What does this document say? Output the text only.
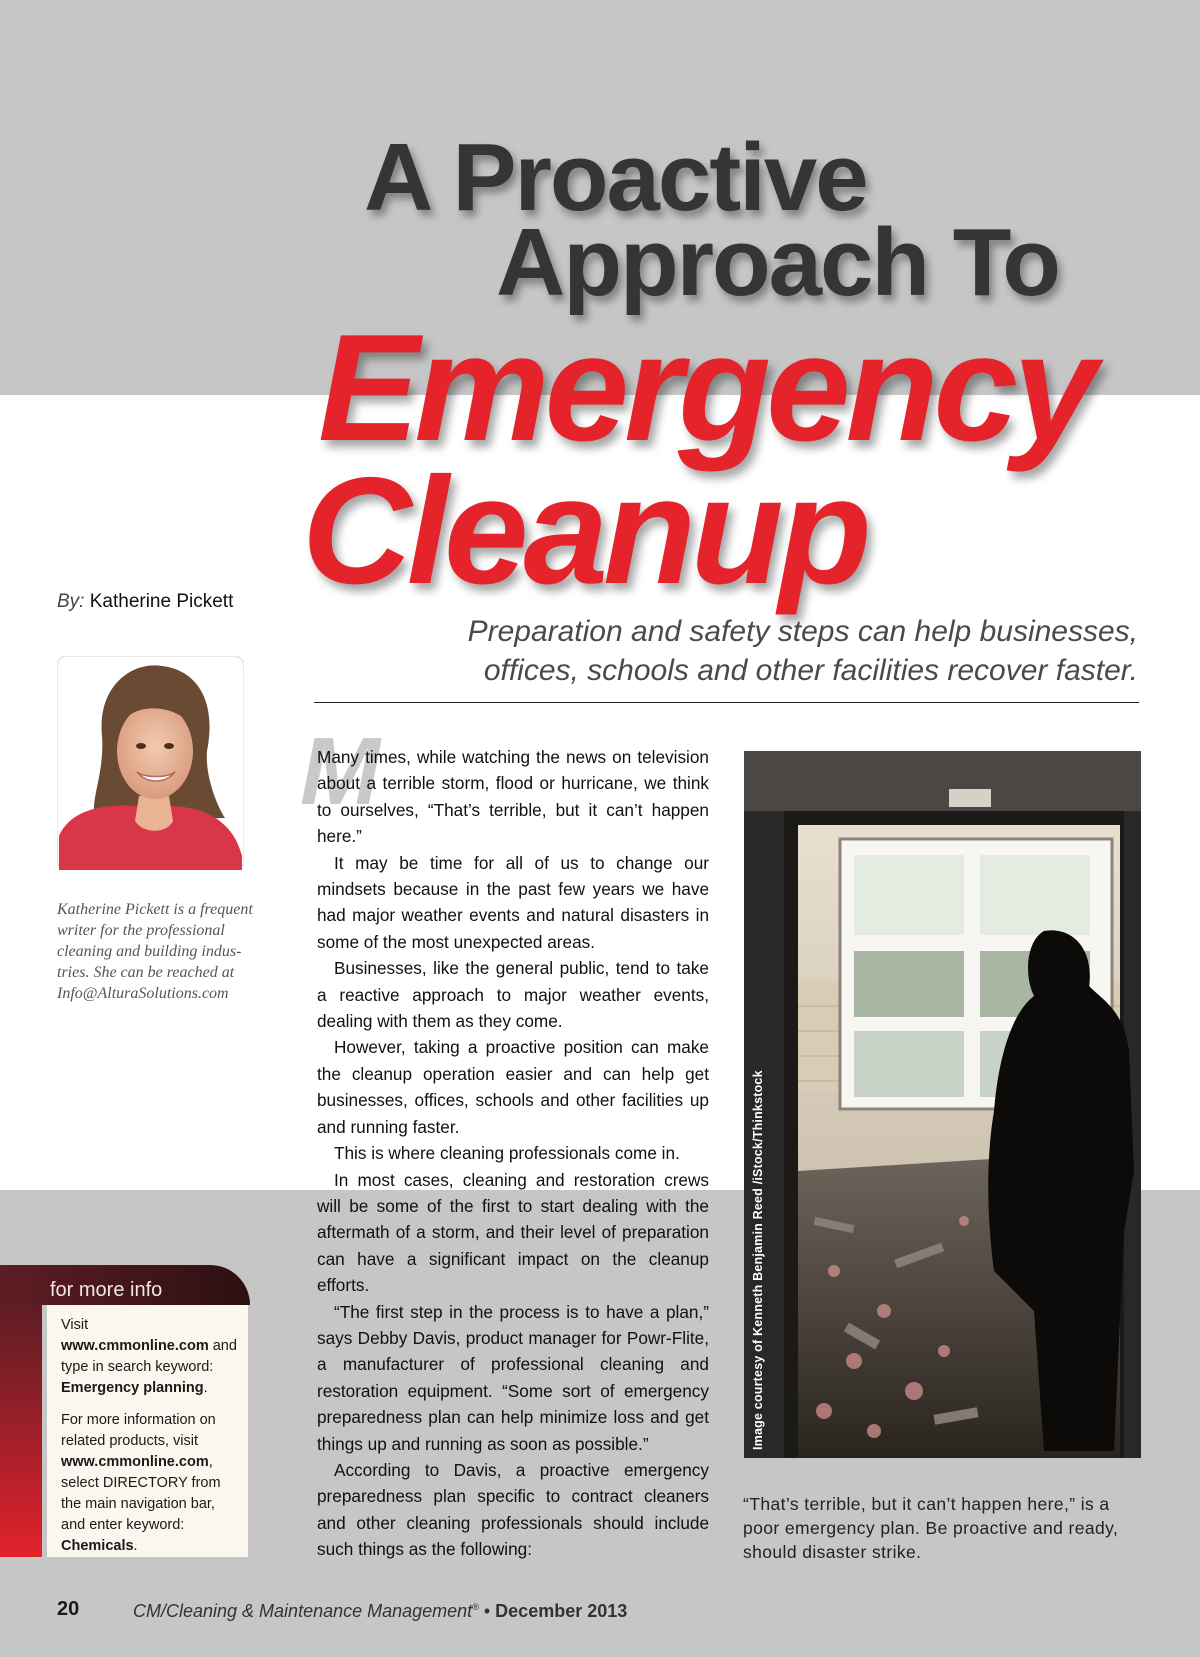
A Proactive
Approach To
Emergency
Cleanup
By: Katherine Pickett
Preparation and safety steps can help businesses,
offices, schools and other facilities recover faster.
Katherine Pickett is a frequent
writer for the professional
cleaning and building indus-
tries. She can be reached at
Info@AlturaSolutions.com
M

Many times, while watching the news on television about a terrible storm, flood or hurricane, we think to ourselves, “That’s terrible, but it can’t happen here.”

It may be time for all of us to change our mindsets because in the past few years we have had major weather events and natural disasters in some of the most unexpected areas.

Businesses, like the general public, tend to take a reactive approach to major weather events, dealing with them as they come.

However, taking a proactive position can make the cleanup operation easier and can help get businesses, offices, schools and other facilities up and running faster.

This is where cleaning professionals come in.

In most cases, cleaning and restoration crews will be some of the first to start dealing with the aftermath of a storm, and their level of preparation can have a significant impact on the cleanup efforts.

“The first step in the process is to have a plan,” says Debby Davis, product manager for Powr-Flite, a manufacturer of professional cleaning and restoration equipment. “Some sort of emergency preparedness plan can help minimize loss and get things up and running as soon as possible.”

According to Davis, a proactive emergency preparedness plan specific to contract cleaners and other cleaning professionals should include such things as the following:

“That’s terrible, but it can’t happen here,” is a poor emergency plan. Be proactive and ready, should disaster strike.
for more info

Visit www.cmmonline.com and type in search keyword: Emergency planning.

For more information on related products, visit www.cmmonline.com, select DIRECTORY from the main navigation bar, and enter keyword: Chemicals.

20	CM/Cleaning & Maintenance Management® • December 2013
